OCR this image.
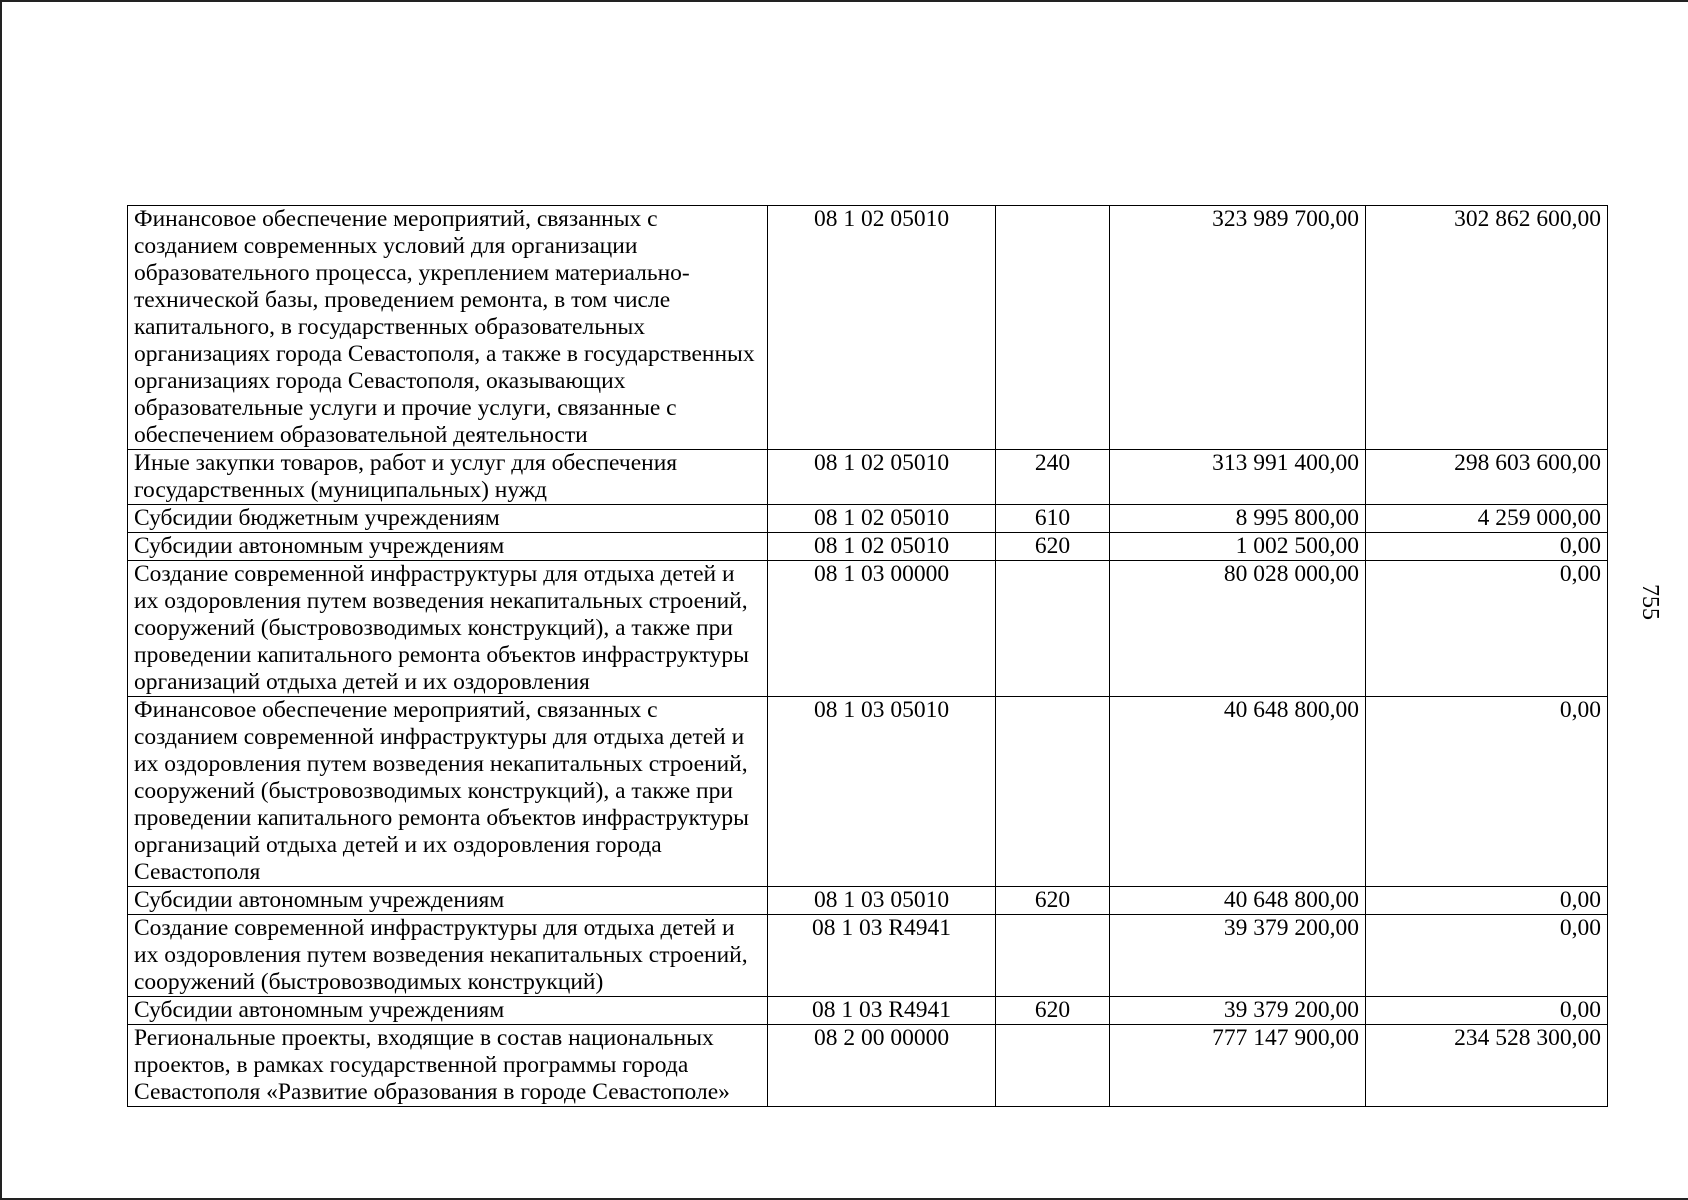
Финансовое обеспечение мероприятий, связанных с созданием современных условий для организации образовательного процесса, укреплением материально-технической базы, проведением ремонта, в том числе капитального, в государственных образовательных организациях города Севастополя, а также в государственных организациях города Севастополя, оказывающих образовательные услуги и прочие услуги, связанные с обеспечением образовательной деятельности	08 1 02 05010		323 989 700,00	302 862 600,00
Иные закупки товаров, работ и услуг для обеспечения государственных (муниципальных) нужд	08 1 02 05010	240	313 991 400,00	298 603 600,00
Субсидии бюджетным учреждениям	08 1 02 05010	610	8 995 800,00	4 259 000,00
Субсидии автономным учреждениям	08 1 02 05010	620	1 002 500,00	0,00
Создание современной инфраструктуры для отдыха детей и их оздоровления путем возведения некапитальных строений, сооружений (быстровозводимых конструкций), а также при проведении капитального ремонта объектов инфраструктуры организаций отдыха детей и их оздоровления	08 1 03 00000		80 028 000,00	0,00
Финансовое обеспечение мероприятий, связанных с созданием современной инфраструктуры для отдыха детей и их оздоровления путем возведения некапитальных строений, сооружений (быстровозводимых конструкций), а также при проведении капитального ремонта объектов инфраструктуры организаций отдыха детей и их оздоровления города Севастополя	08 1 03 05010		40 648 800,00	0,00
Субсидии автономным учреждениям	08 1 03 05010	620	40 648 800,00	0,00
Создание современной инфраструктуры для отдыха детей и их оздоровления путем возведения некапитальных строений, сооружений (быстровозводимых конструкций)	08 1 03 R4941		39 379 200,00	0,00
Субсидии автономным учреждениям	08 1 03 R4941	620	39 379 200,00	0,00
Региональные проекты, входящие в состав национальных проектов, в рамках государственной программы города Севастополя «Развитие образования в городе Севастополе»	08 2 00 00000		777 147 900,00	234 528 300,00
755
